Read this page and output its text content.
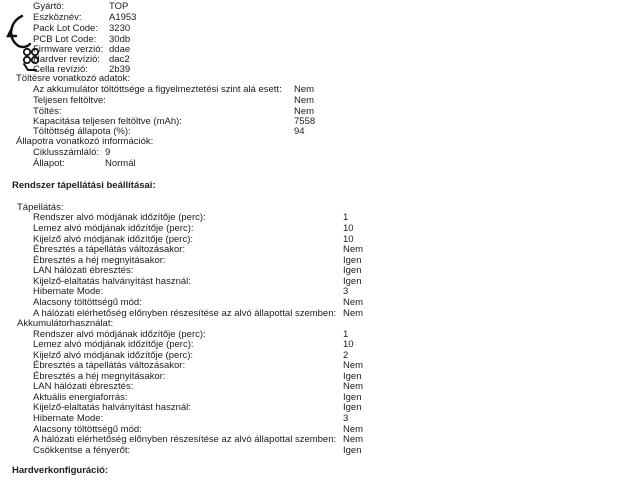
Gyártó:	TOP
Eszköznév:	A1953
Pack Lot Code: 3230
PCB Lot Code: 30db
Firmware verzió: ddae
Hardver revízió: dac2
Cella revízió: 2b39
Töltésre vonatkozó adatok:
Az akkumulátor töltöttsége a figyelmeztetési szint alá esett: Nem
Teljesen feltöltve:	Nem
Töltés:	Nem
Kapacitása teljesen feltöltve (mAh):	7558
Töltöttség állapota (%):	94
Állapotra vonatkozó információk:
Ciklusszámláló: 9
Állapot:	Normál
Rendszer tápellátási beállításai:
Tápellátás:
Rendszer alvó módjának időzítője (perc):	1
Lemez alvó módjának időzítője (perc):	10
Kijelző alvó módjának időzítője (perc):	10
Ébresztés a tápellátás változásakor:	Nem
Ébresztés a héj megnyitásakor:	Igen
LAN hálózati ébresztés:	Igen
Kijelző-elaltatás halványítást használ:	Igen
Hibernate Mode:	3
Alacsony töltöttségű mód:	Nem
A hálózati elérhetőség előnyben részesítése az alvó állapottal szemben: Nem
Akkumulátorhasználat:
Rendszer alvó módjának időzítője (perc):	1
Lemez alvó módjának időzítője (perc):	10
Kijelző alvó módjának időzítője (perc):	2
Ébresztés a tápellátás változásakor:	Nem
Ébresztés a héj megnyitásakor:	Igen
LAN hálózati ébresztés:	Nem
Aktuális energiaforrás:	Igen
Kijelző-elaltatás halványítást használ:	Igen
Hibernate Mode:	3
Alacsony töltöttségű mód:	Nem
A hálózati elérhetőség előnyben részesítése az alvó állapottal szemben: Nem
Csökkentse a fényerőt:	Igen
Hardverkonfiguráció:
